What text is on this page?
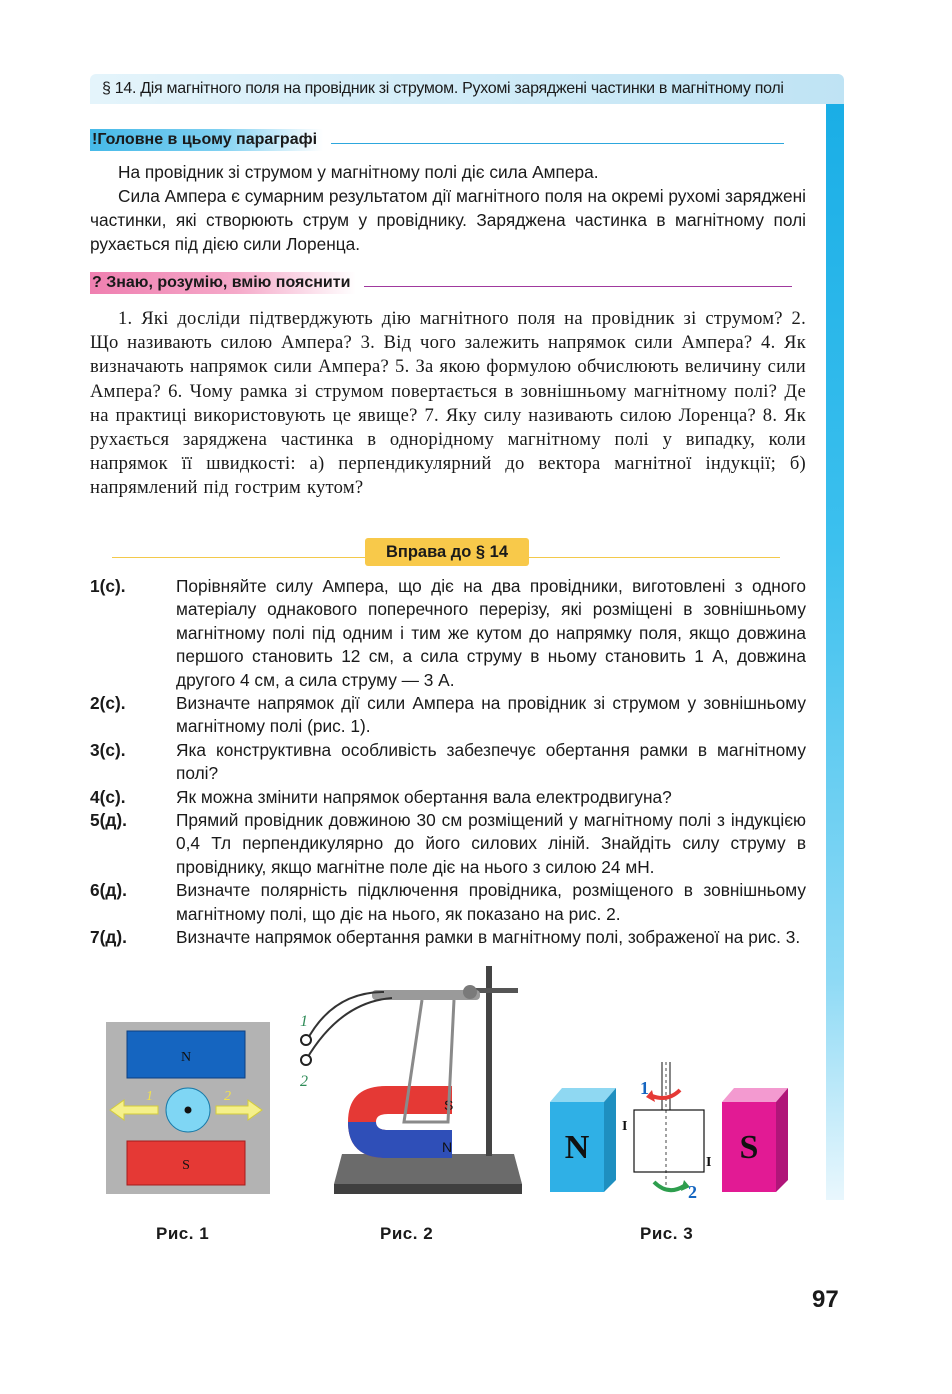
§ 14. Дія магнітного поля на провідник зі струмом. Рухомі заряджені частинки в магнітному полі
!Головне в цьому параграфі

На провідник зі струмом у магнітному полі діє сила Ампера.

Сила Ампера є сумарним результатом дії магнітного поля на окремі рухомі заряджені частинки, які створюють струм у провіднику. Заряджена частинка в магнітному полі рухається під дією сили Лоренца.

? Знаю, розумію, вмію пояснити

1. Які досліди підтверджують дію магнітного поля на провідник зі струмом? 2. Що називають силою Ампера? 3. Від чого залежить напрямок сили Ампера? 4. Як визначають напрямок сили Ампера? 5. За якою формулою обчислюють величину сили Ампера? 6. Чому рамка зі струмом повертається в зовнішньому магнітному полі? Де на практиці використовують це явище? 7. Яку силу називають силою Лоренца? 8. Як рухається заряджена частинка в однорідному магнітному полі у випадку, коли напрямок її швидкості: а) перпендикулярний до вектора магнітної індукції; б) напрямлений під гострим кутом?

Вправа до § 14
1(с).	Порівняйте силу Ампера, що діє на два провідники, виготовлені з одного матеріалу однакового поперечного перерізу, які розміщені в зовнішньому магнітному полі під одним і тим же кутом до напрямку поля, якщо довжина першого становить 12 см, а сила струму в ньому становить 1 А, довжина другого 4 см, а сила струму — 3 А.
2(с).	Визначте напрямок дії сили Ампера на провідник зі струмом у зовнішньому магнітному полі (рис. 1).
3(с).	Яка конструктивна особливість забезпечує обертання рамки в магнітному полі?
4(с).	Як можна змінити напрямок обертання вала електродвигуна?
5(д).	Прямий провідник довжиною 30 см розміщений у магнітному полі з індукцією 0,4 Тл перпендикулярно до його силових ліній. Знайдіть силу струму в провіднику, якщо магнітне поле діє на нього з силою 24 мН.
6(д).	Визначте полярність підключення провідника, розміщеного в зовнішньому магнітному полі, що діє на нього, як показано на рис. 2.
7(д).	Визначте напрямок обертання рамки в магнітному полі, зображеної на рис. 3.
N
S
1	2
S
N
1
2
N	S
1
2
I
I
Рис. 1	Рис. 2	Рис. 3
97
